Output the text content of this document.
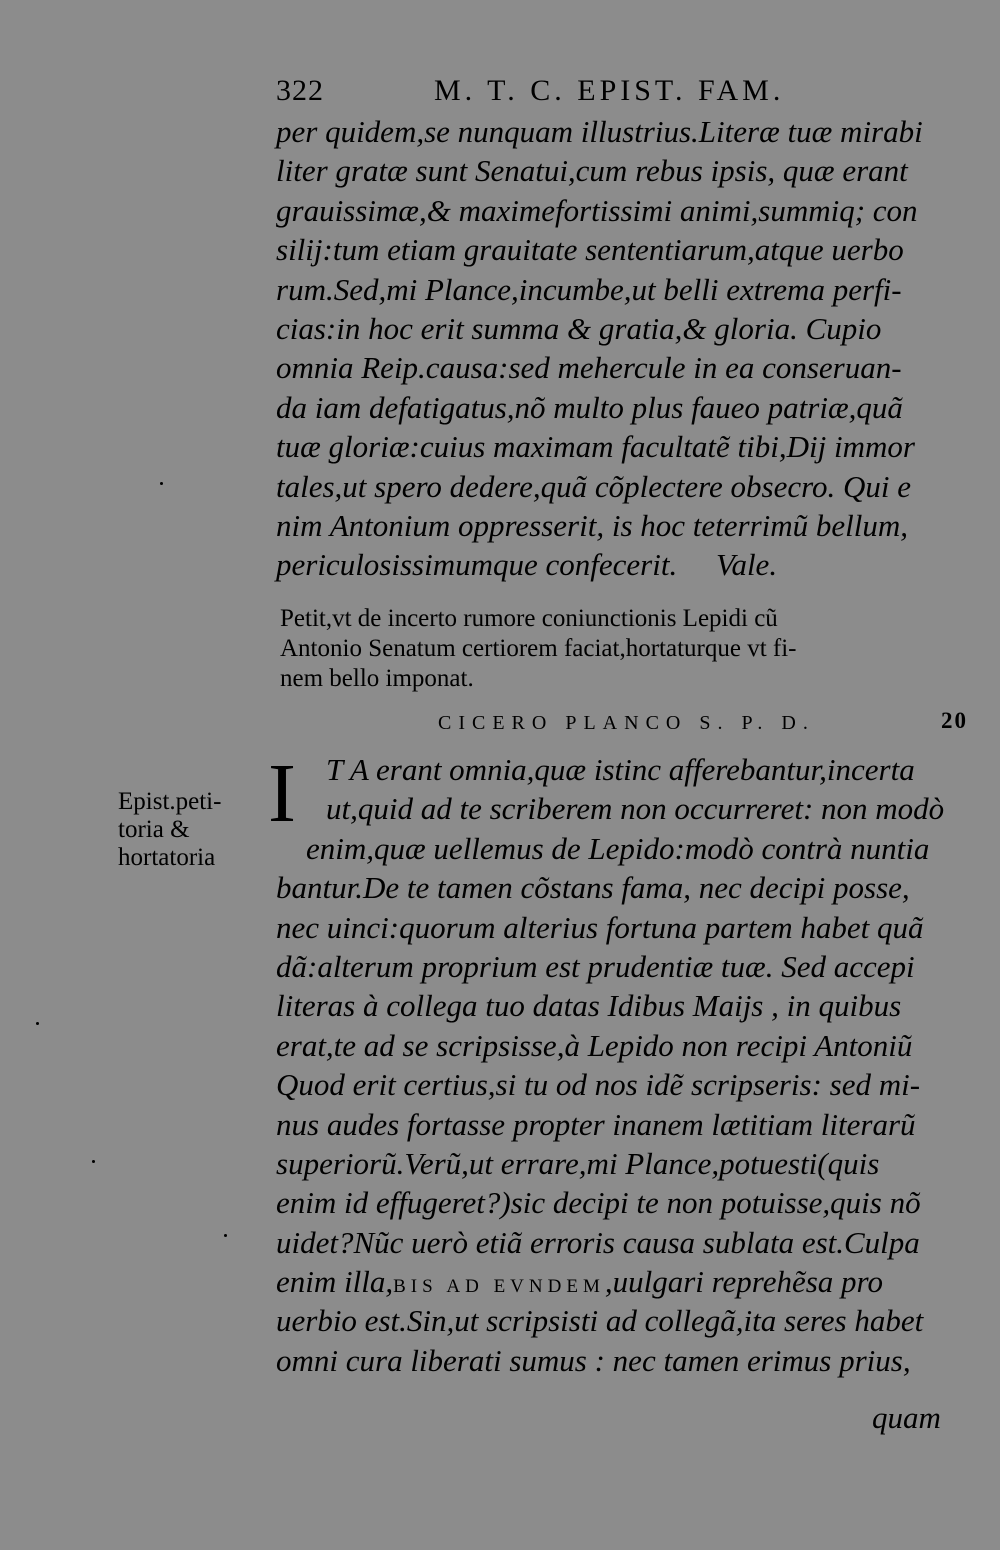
322	M. T. C. EPIST. FAM.
per quidem,se nunquam illustrius.Literæ tuæ mirabi
liter gratæ sunt Senatui,cum rebus ipsis, quæ erant
grauissimæ,& maximefortissimi animi,summiq; con
silij:tum etiam grauitate sententiarum,atque uerbo
rum.Sed,mi Plance,incumbe,ut belli extrema perfi-
cias:in hoc erit summa & gratia,& gloria. Cupio
omnia Reip.causa:sed mehercule in ea conseruan-
da iam defatigatus,nõ multo plus faueo patriæ,quã
tuæ gloriæ:cuius maximam facultatẽ tibi,Dij immor
tales,ut spero dedere,quã cõplectere obsecro. Qui e
nim Antonium oppresserit, is hoc teterrimũ bellum,
periculosissimumque confecerit.     Vale.
Petit,vt de incerto rumore coniunctionis Lepidi cũ
Antonio Senatum certiorem faciat,hortaturque vt fi-
nem bello imponat.
CICERO PLANCO S. P. D.	20
Epist.peti-
toria &
hortatoria
I T A erant omnia,quæ istinc afferebantur,incerta
ut,quid ad te scriberem non occurreret: non modò
enim,quæ uellemus de Lepido:modò contrà nuntia
bantur.De te tamen cõstans fama, nec decipi posse,
nec uinci:quorum alterius fortuna partem habet quã
dã:alterum proprium est prudentiæ tuæ. Sed accepi
literas à collega tuo datas Idibus Maijs , in quibus
erat,te ad se scripsisse,à Lepido non recipi Antoniũ
Quod erit certius,si tu od nos idẽ scripseris: sed mi-
nus audes fortasse propter inanem lætitiam literarũ
superiorũ.Verũ,ut errare,mi Plance,potuesti(quis
enim id effugeret?)sic decipi te non potuisse,quis nõ
uidet?Nũc uerò etiã erroris causa sublata est.Culpa
enim illa,BIS AD EVNDEM,uulgari reprehẽsa pro
uerbio est.Sin,ut scripsisti ad collegã,ita seres habet
omni cura liberati sumus : nec tamen erimus prius,
quam
